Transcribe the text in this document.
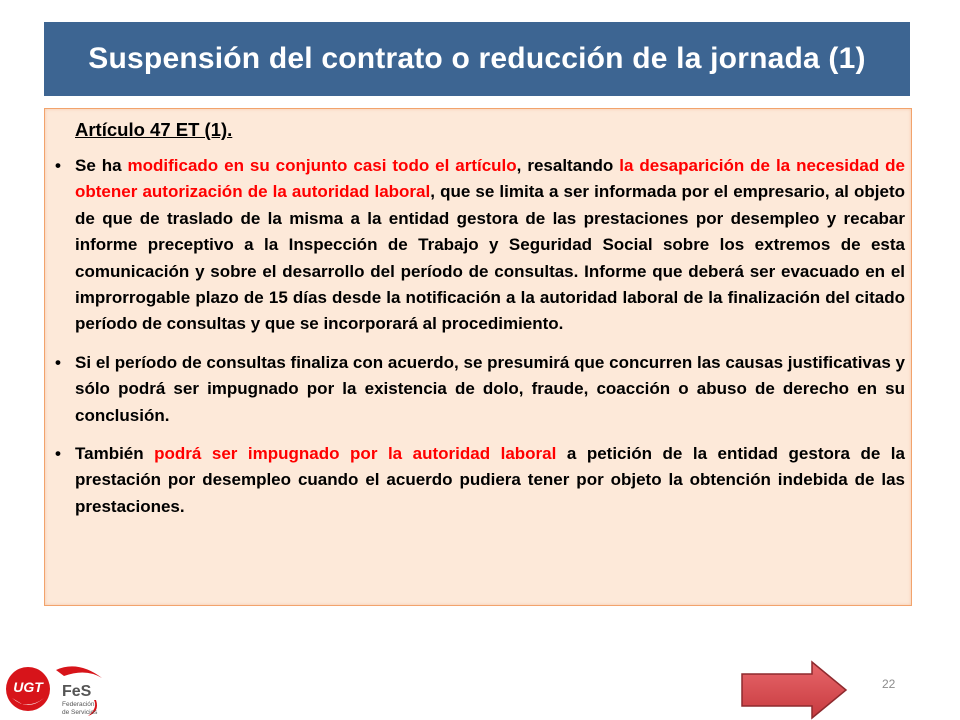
Suspensión del contrato o reducción de la jornada (1)

Artículo 47 ET (1).

• Se ha modificado en su conjunto casi todo el artículo, resaltando la desaparición de la necesidad de obtener autorización de la autoridad laboral, que se limita a ser informada por el empresario, al objeto de que de traslado de la misma a la entidad gestora de las prestaciones por desempleo y recabar informe preceptivo a la Inspección de Trabajo y Seguridad Social sobre los extremos de esta comunicación y sobre el desarrollo del período de consultas. Informe que deberá ser evacuado en el improrrogable plazo de 15 días desde la notificación a la autoridad laboral de la finalización del citado período de consultas y que se incorporará al procedimiento.
• Si el período de consultas finaliza con acuerdo, se presumirá que concurren las causas justificativas y sólo podrá ser impugnado por la existencia de dolo, fraude, coacción o abuso de derecho en su conclusión.
• También podrá ser impugnado por la autoridad laboral a petición de la entidad gestora de la prestación por desempleo cuando el acuerdo pudiera tener por objeto la obtención indebida de las prestaciones.
UGT FeS
Federación
de Servicios
22
